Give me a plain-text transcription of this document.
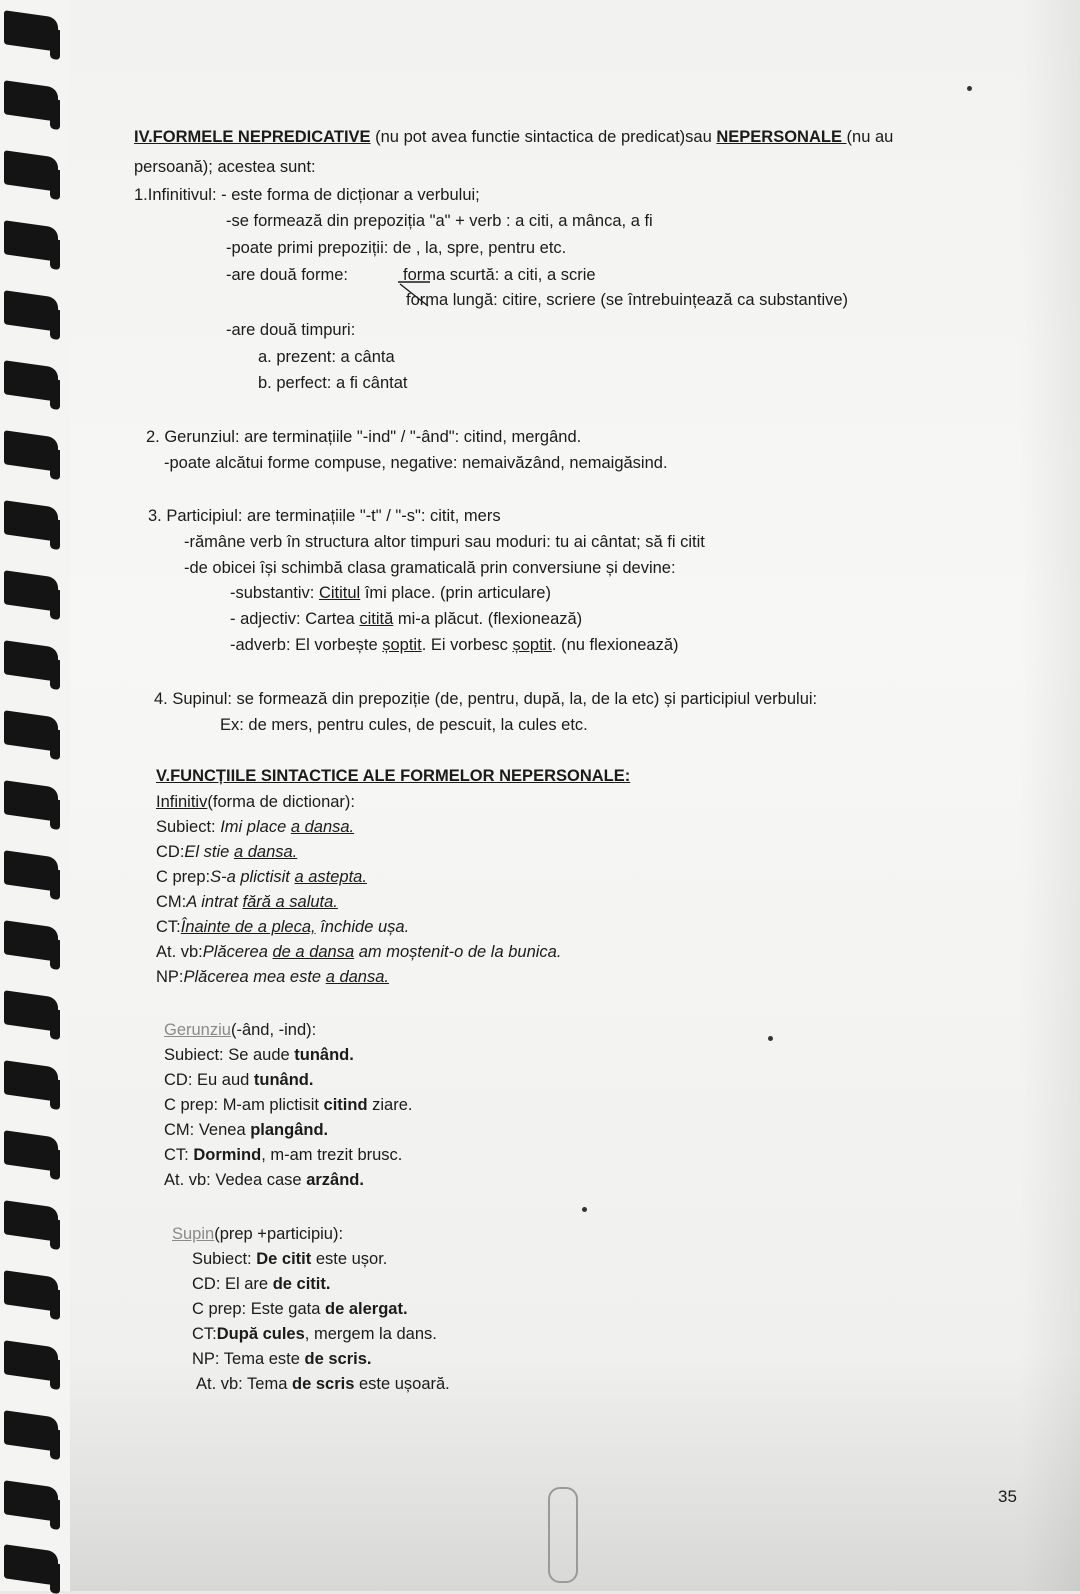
IV.FORMELE NEPREDICATIVE (nu pot avea functie sintactica de predicat)sau NEPERSONALE (nu au
persoană); acestea sunt:
1.Infinitivul: - este forma de dicționar a verbului;
-se formează din prepoziția "a" + verb : a citi, a mânca, a fi
-poate primi prepoziții: de , la, spre, pentru etc.
-are două forme:	forma scurtă: a citi, a scrie
forma lungă: citire, scriere (se întrebuințează ca substantive)
-are două timpuri:
a. prezent: a cânta
b. perfect: a fi cântat
2. Gerunziul: are terminațiile "-ind" / "-ând": citind, mergând.
-poate alcătui forme compuse, negative: nemaivăzând, nemaigăsind.
3. Participiul: are terminațiile "-t" / "-s": citit, mers
-rămâne verb în structura altor timpuri sau moduri: tu ai cântat; să fi citit
-de obicei își schimbă clasa gramaticală prin conversiune și devine:
-substantiv: Cititul îmi place. (prin articulare)
- adjectiv: Cartea citită mi-a plăcut. (flexionează)
-adverb: El vorbește șoptit. Ei vorbesc șoptit. (nu flexionează)
4. Supinul: se formează din prepoziție (de, pentru, după, la, de la etc) și participiul verbului:
Ex: de mers, pentru cules, de pescuit, la cules etc.
V.FUNCȚIILE SINTACTICE ALE FORMELOR NEPERSONALE:
Infinitiv(forma de dictionar):
Subiect: Imi place a dansa.
CD:El stie a dansa.
C prep:S-a plictisit a astepta.
CM:A intrat fără a saluta.
CT:Înainte de a pleca, închide ușa.
At. vb:Plăcerea de a dansa am moștenit-o de la bunica.
NP:Plăcerea mea este a dansa.
Gerunziu(-ând, -ind):
Subiect: Se aude tunând.
CD: Eu aud tunând.
C prep: M-am plictisit citind ziare.
CM: Venea plangând.
CT: Dormind, m-am trezit brusc.
At. vb: Vedea case arzând.
Supin(prep +participiu):
Subiect: De citit este ușor.
CD: El are de citit.
C prep: Este gata de alergat.
CT:După cules, mergem la dans.
NP: Tema este de scris.
At. vb: Tema de scris este ușoară.
35
